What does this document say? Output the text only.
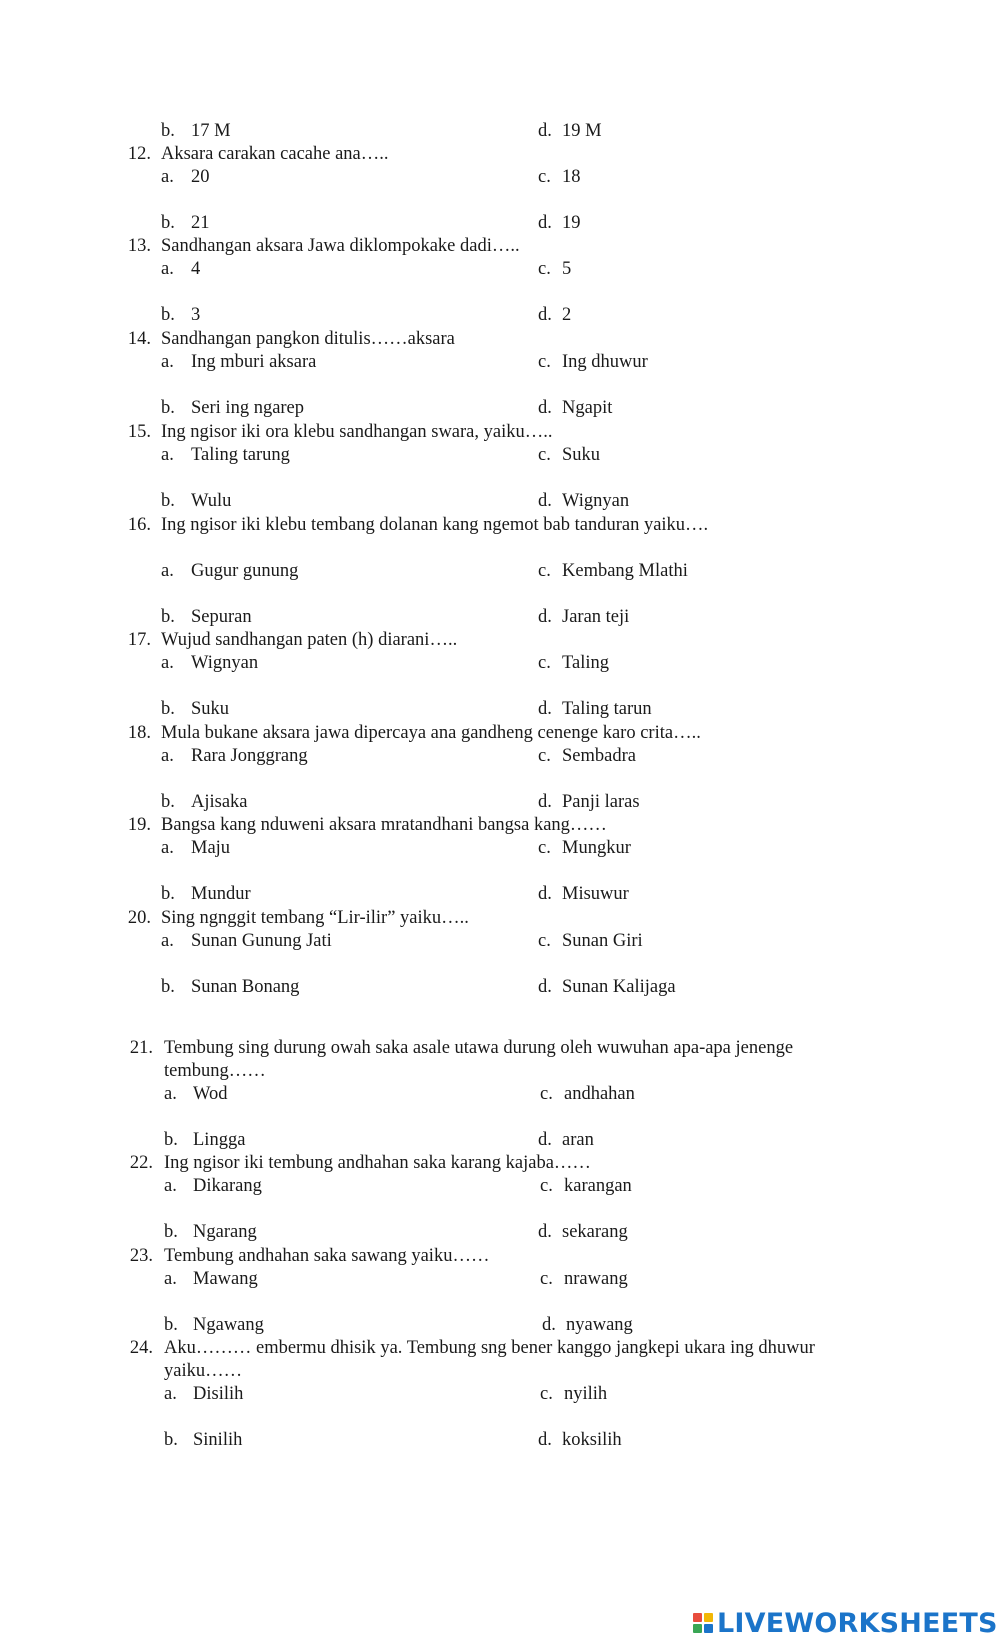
b. 17 M	d. 19 M
12. Aksara carakan cacahe ana…..
a. 20	c. 18
b. 21	d. 19
13. Sandhangan aksara Jawa diklompokake dadi…..
a. 4	c. 5
b. 3	d. 2
14. Sandhangan pangkon ditulis……aksara
a. Ing mburi aksara	c. Ing dhuwur
b. Seri ing ngarep	d. Ngapit
15. Ing ngisor iki ora klebu sandhangan swara, yaiku…..
a. Taling tarung	c. Suku
b. Wulu	d. Wignyan
16. Ing ngisor iki klebu tembang dolanan kang ngemot bab tanduran yaiku….
a. Gugur gunung	c. Kembang Mlathi
b. Sepuran	d. Jaran teji
17. Wujud sandhangan paten (h) diarani…..
a. Wignyan	c. Taling
b. Suku	d. Taling tarun
18. Mula bukane aksara jawa dipercaya ana gandheng cenenge karo crita…..
a. Rara Jonggrang	c. Sembadra
b. Ajisaka	d. Panji laras
19. Bangsa kang nduweni aksara mratandhani bangsa kang……
a. Maju	c. Mungkur
b. Mundur	d. Misuwur
20. Sing ngnggit tembang “Lir-ilir” yaiku…..
a. Sunan Gunung Jati	c. Sunan Giri
b. Sunan Bonang	d. Sunan Kalijaga
21. Tembung sing durung owah saka asale utawa durung oleh wuwuhan apa-apa jenenge
tembung……
a. Wod	c. andhahan
b. Lingga	d. aran
22. Ing ngisor iki tembung andhahan saka karang kajaba……
a. Dikarang	c. karangan
b. Ngarang	d. sekarang
23. Tembung andhahan saka sawang yaiku……
a. Mawang	c. nrawang
b. Ngawang	d. nyawang
24. Aku……… embermu dhisik ya. Tembung sng bener kanggo jangkepi ukara ing dhuwur
yaiku……
a. Disilih	c. nyilih
b. Sinilih	d. koksilih
LIVEWORKSHEETS
